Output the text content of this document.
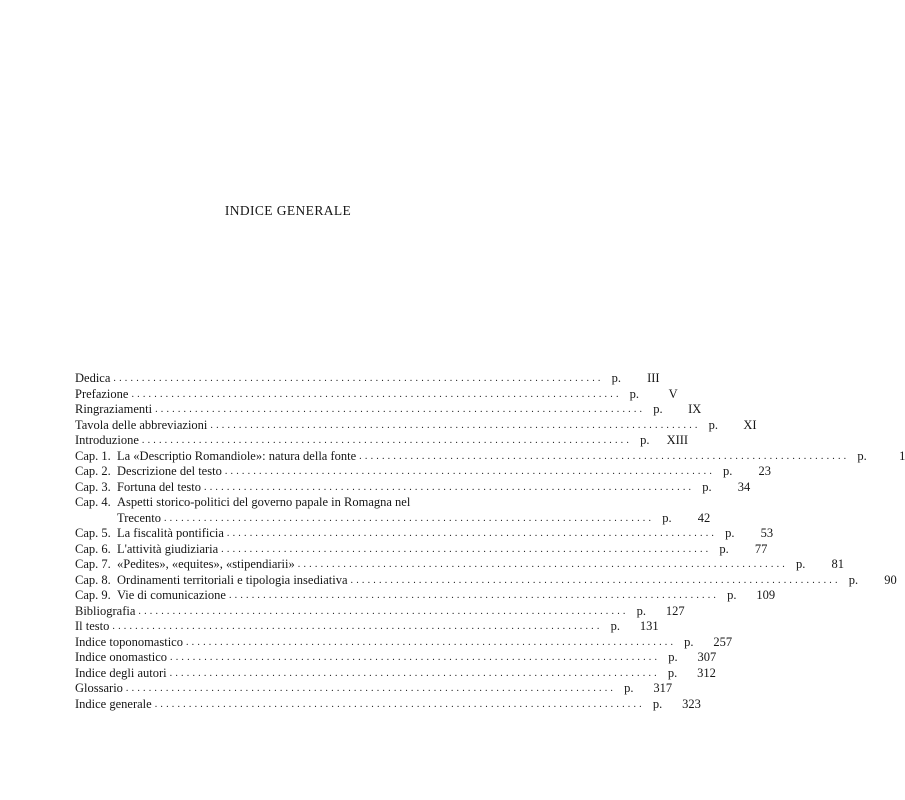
INDICE GENERALE
Dedica ...................................................................................... p.	III
Prefazione ...................................................................................... p.	V
Ringraziamenti ...................................................................................... p.	IX
Tavola delle abbreviazioni ...................................................................................... p.	XI
Introduzione ...................................................................................... p.	XIII
Cap. 1. La «Descriptio Romandiole»: natura della fonte ...................................................................................... p.	1
Cap. 2. Descrizione del testo ...................................................................................... p.	23
Cap. 3. Fortuna del testo ...................................................................................... p.	34
Cap. 4. Aspetti storico-politici del governo papale in Romagna nel
Trecento ...................................................................................... p.	42
Cap. 5. La fiscalità pontificia ...................................................................................... p.	53
Cap. 6. L'attività giudiziaria ...................................................................................... p.	77
Cap. 7. «Pedites», «equites», «stipendiarii» ...................................................................................... p.	81
Cap. 8. Ordinamenti territoriali e tipologia insediativa ...................................................................................... p.	90
Cap. 9. Vie di comunicazione ...................................................................................... p.	109
Bibliografia ...................................................................................... p.	127
Il testo ...................................................................................... p.	131
Indice toponomastico ...................................................................................... p.	257
Indice onomastico ...................................................................................... p.	307
Indice degli autori ...................................................................................... p.	312
Glossario ...................................................................................... p.	317
Indice generale ...................................................................................... p.	323
